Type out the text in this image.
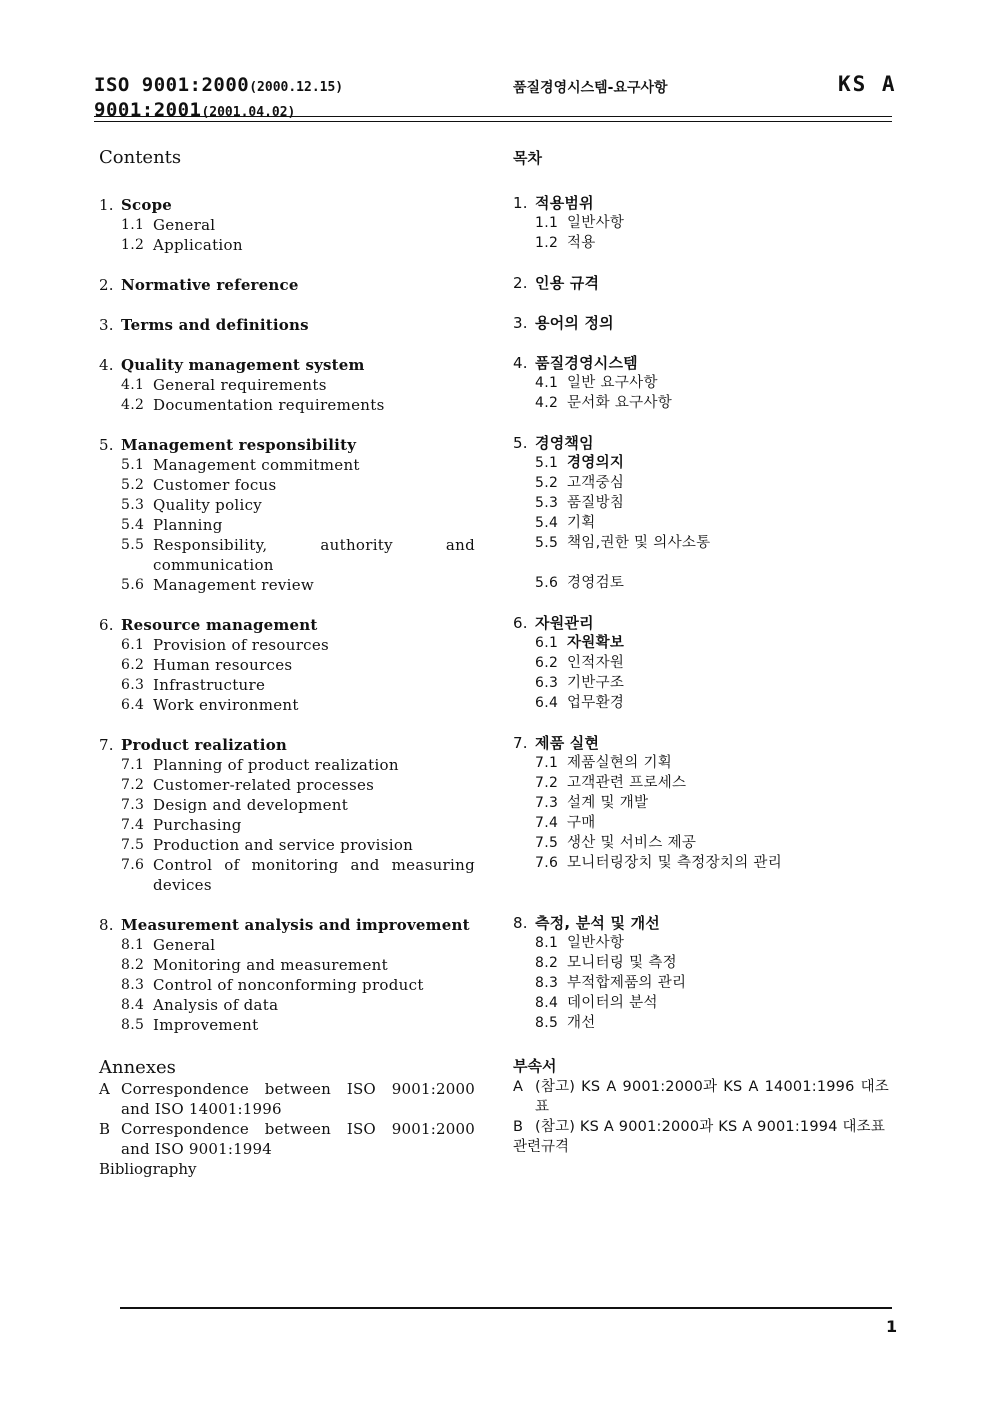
ISO 9001:2000(2000.12.15)
9001:2001(2001.04.02)
품질경영시스템-요구사항	KS A
Contents
1. Scope
1.1 General
1.2 Application
2. Normative reference
3. Terms and definitions
4. Quality management system
4.1 General requirements
4.2 Documentation requirements
5. Management responsibility
5.1 Management commitment
5.2 Customer focus
5.3 Quality policy
5.4 Planning
5.5 Responsibility, authority and communication
5.6 Management review
6. Resource management
6.1 Provision of resources
6.2 Human resources
6.3 Infrastructure
6.4 Work environment
7. Product realization
7.1 Planning of product realization
7.2 Customer-related processes
7.3 Design and development
7.4 Purchasing
7.5 Production and service provision
7.6 Control of monitoring and measuring devices
8. Measurement analysis and improvement
8.1 General
8.2 Monitoring and measurement
8.3 Control of nonconforming product
8.4 Analysis of data
8.5 Improvement
Annexes
A Correspondence between ISO 9001:2000 and ISO 14001:1996
B Correspondence between ISO 9001:2000 and ISO 9001:1994
Bibliography
목차
1. 적용범위
1.1 일반사항
1.2 적용
2. 인용 규격
3. 용어의 정의
4. 품질경영시스템
4.1 일반 요구사항
4.2 문서화 요구사항
5. 경영책임
5.1 경영의지
5.2 고객중심
5.3 품질방침
5.4 기획
5.5 책임,권한 및 의사소통
5.6 경영검토
6. 자원관리
6.1 자원확보
6.2 인적자원
6.3 기반구조
6.4 업무환경
7. 제품 실현
7.1 제품실현의 기획
7.2 고객관련 프로세스
7.3 설계 및 개발
7.4 구매
7.5 생산 및 서비스 제공
7.6 모니터링장치 및 측정장치의 관리
8. 측정, 분석 및 개선
8.1 일반사항
8.2 모니터링 및 측정
8.3 부적합제품의 관리
8.4 데이터의 분석
8.5 개선
부속서
A (참고) KS A 9001:2000과 KS A 14001:1996 대조표
B (참고) KS A 9001:2000과 KS A 9001:1994 대조표
관련규격
1
